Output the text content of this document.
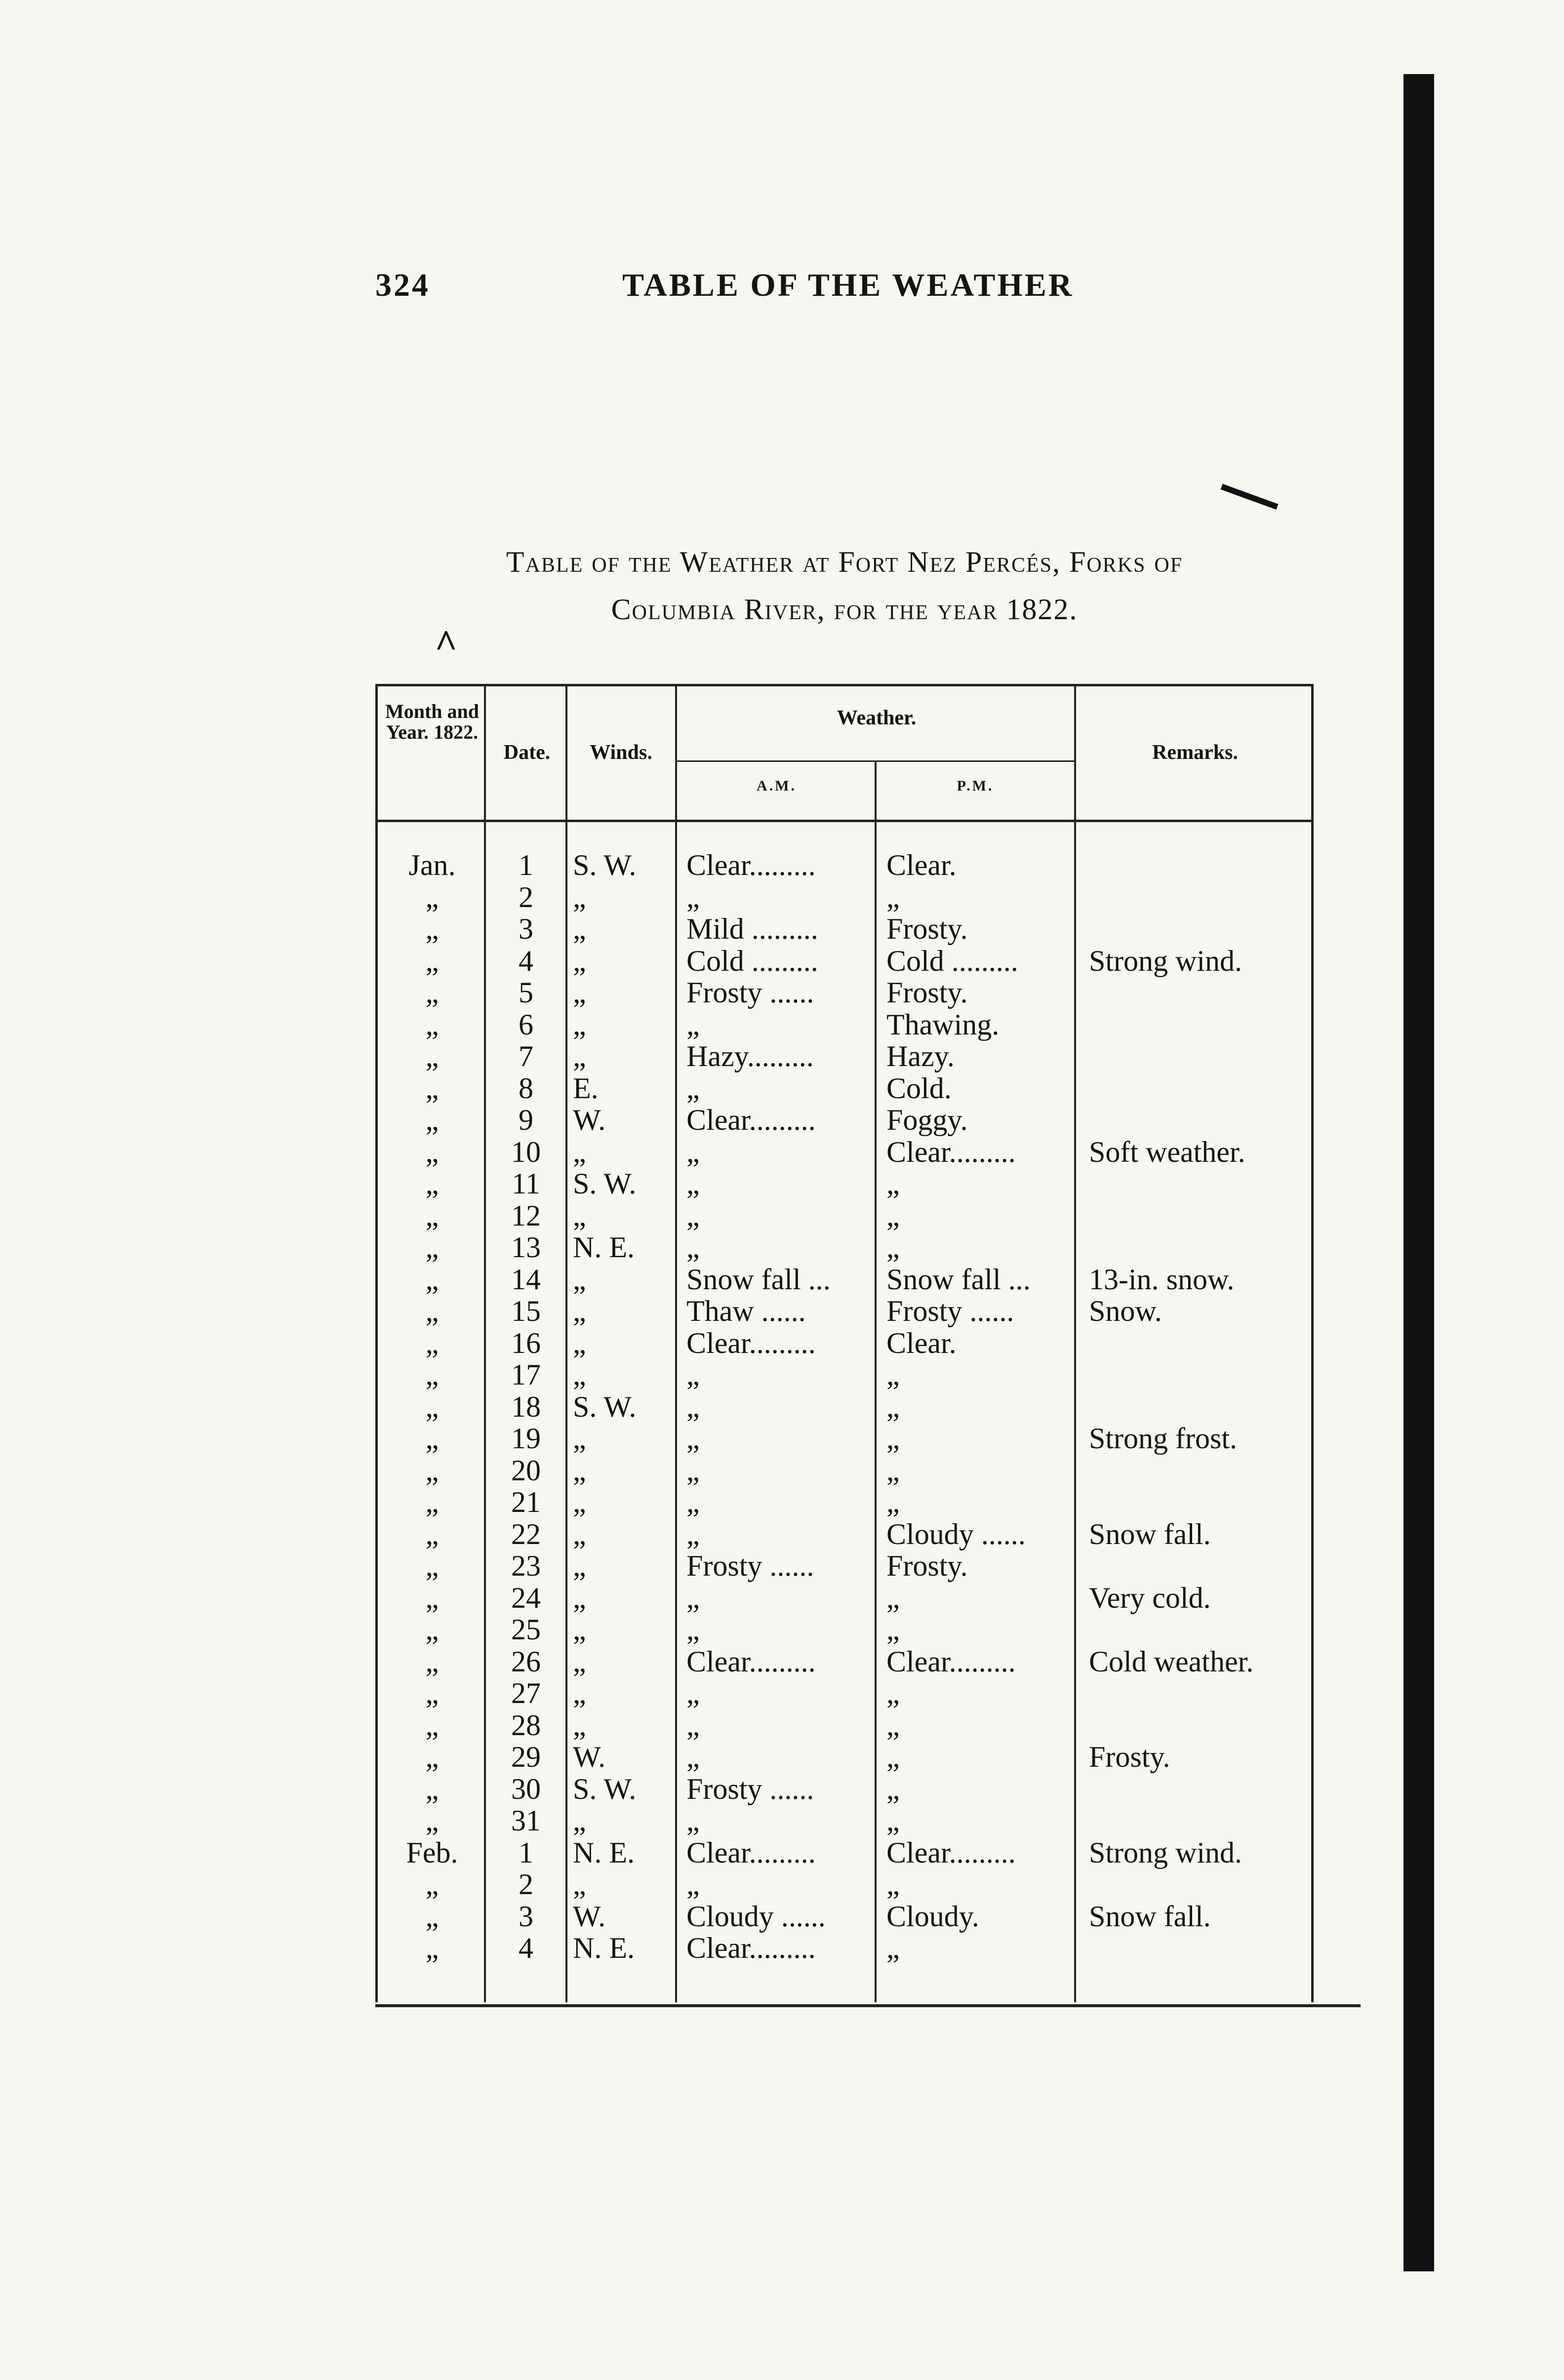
324	TABLE OF THE WEATHER
Table of the Weather at Fort Nez Percés, Forks of
Columbia River, for the year 1822.
^
Month and Year. 1822.
Date.	Winds.
Weather.
A.M.	P.M.
Remarks.
Jan.	1	S. W.	Clear.........	Clear.
„	2	„	„	„
„	3	„	Mild .........	Frosty.
„	4	„	Cold .........	Cold .........	Strong wind.
„	5	„	Frosty ......	Frosty.
„	6	„	„	Thawing.
„	7	„	Hazy.........	Hazy.
„	8	E.	„	Cold.
„	9	W.	Clear.........	Foggy.
„	10	„	„	Clear.........	Soft weather.
„	11	S. W.	„	„
„	12	„	„	„
„	13	N. E.	„	„
„	14	„	Snow fall ...	Snow fall ...	13-in. snow.
„	15	„	Thaw ......	Frosty ......	Snow.
„	16	„	Clear.........	Clear.
„	17	„	„	„
„	18	S. W.	„	„
„	19	„	„	„	Strong frost.
„	20	„	„	„
„	21	„	„	„
„	22	„	„	Cloudy ......	Snow fall.
„	23	„	Frosty ......	Frosty.
„	24	„	„	„	Very cold.
„	25	„	„	„
„	26	„	Clear.........	Clear.........	Cold weather.
„	27	„	„	„
„	28	„	„	„
„	29	W.	„	„	Frosty.
„	30	S. W.	Frosty ......	„
„	31	„	„	„
Feb.	1	N. E.	Clear.........	Clear.........	Strong wind.
„	2	„	„	„
„	3	W.	Cloudy ......	Cloudy.	Snow fall.
„	4	N. E.	Clear.........	„
